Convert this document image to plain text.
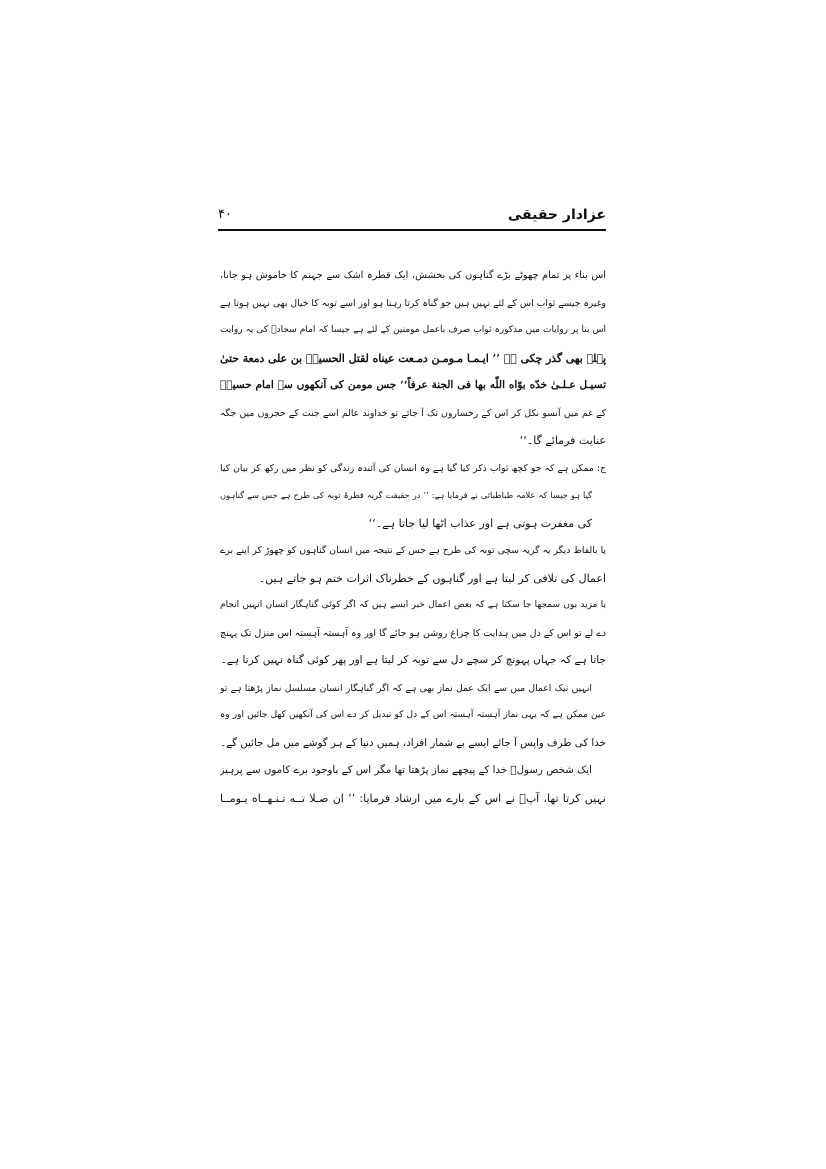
عزادار حقیقی
۴۰
اس بناء پر تمام چھوٹے بڑے گناہوں کی بخشش، ایک قطرہ اشک سے جہنم کا خاموش ہو جانا،
وغیرہ جیسے ثواب اس کے لئے نہیں ہیں جو گناہ کرتا رہتا ہو اور اسے توبہ کا خیال بھی نہیں ہوتا ہے
اس بنا پر روایات میں مذکورہ ثواب صرف باعمل مومنین کے لئے ہے جیسا کہ امام سجادؑ کی یہ روایت
پہلے بھی گذر چکی ہے ’’ ایـمـا مـومـن دمـعت عيناه لقتل الحسينؑ بن علی دمعة حتیٰ
تسیـل عـلـیٰ خدّه بوّاه اللّٰه بها فی الجنة عرفاً‘‘ جس مومن کی آنکھوں سے امام حسینؑ
کے غم میں آنسو نکل کر اس کے رخساروں تک آ جائے تو خداوند عالم اسے جنت کے حجروں میں جگہ
عنایت فرمائے گا۔‘‘
ج: ممکن ہے کہ جو کچھ ثواب ذکر کیا گیا ہے وہ انسان کی آئندہ زندگی کو نظر میں رکھ کر بیان کیا
گیا ہو جیسا کہ علامہ طباطبائی نے فرمایا ہے: ’’ در حقیقت گریہ قطرۂ توبہ کی طرح ہے جس سے گناہوں
کی مغفرت ہوتی ہے اور عذاب اٹھا لیا جاتا ہے۔‘‘
یا بالفاظ دیگر یہ گریہ سچی توبہ کی طرح ہے جس کے نتیجہ میں انسان گناہوں کو چھوڑ کر اپنے برے
اعمال کی تلافی کر لیتا ہے اور گناہوں کے خطرناک اثرات ختم ہو جاتے ہیں۔
یا مزید یوں سمجھا جا سکتا ہے کہ بعض اعمال خیر ایسے ہیں کہ اگر کوئی گناہگار انسان انہیں انجام
دے لے تو اس کے دل میں ہدایت کا چراغ روشن ہو جائے گا اور وہ آہستہ آہستہ اس منزل تک پہنچ
جاتا ہے کہ جہاں پہونچ کر سچے دل سے توبہ کر لیتا ہے اور پھر کوئی گناہ نہیں کرتا ہے۔
انہیں نیک اعمال میں سے ایک عمل نماز بھی ہے کہ اگر گناہگار انسان مسلسل نماز پڑھتا ہے تو
عین ممکن ہے کہ یہی نماز آہستہ آہستہ اس کے دل کو تبدیل کر دے اس کی آنکھیں کھل جائیں اور وہ
خدا کی طرف واپس آ جائے ایسے بے شمار افراد، ہمیں دنیا کے ہر گوشے میں مل جائیں گے۔
ایک شخص رسولؐ خدا کے پیچھے نماز پڑھتا تھا مگر اس کے باوجود برے کاموں سے پرہیز
نہیں کرتا تھا، آپؐ نے اس کے بارے میں ارشاد فرمایا: ’’ ان صـلا تــه تـنـهــاه یـومــا
